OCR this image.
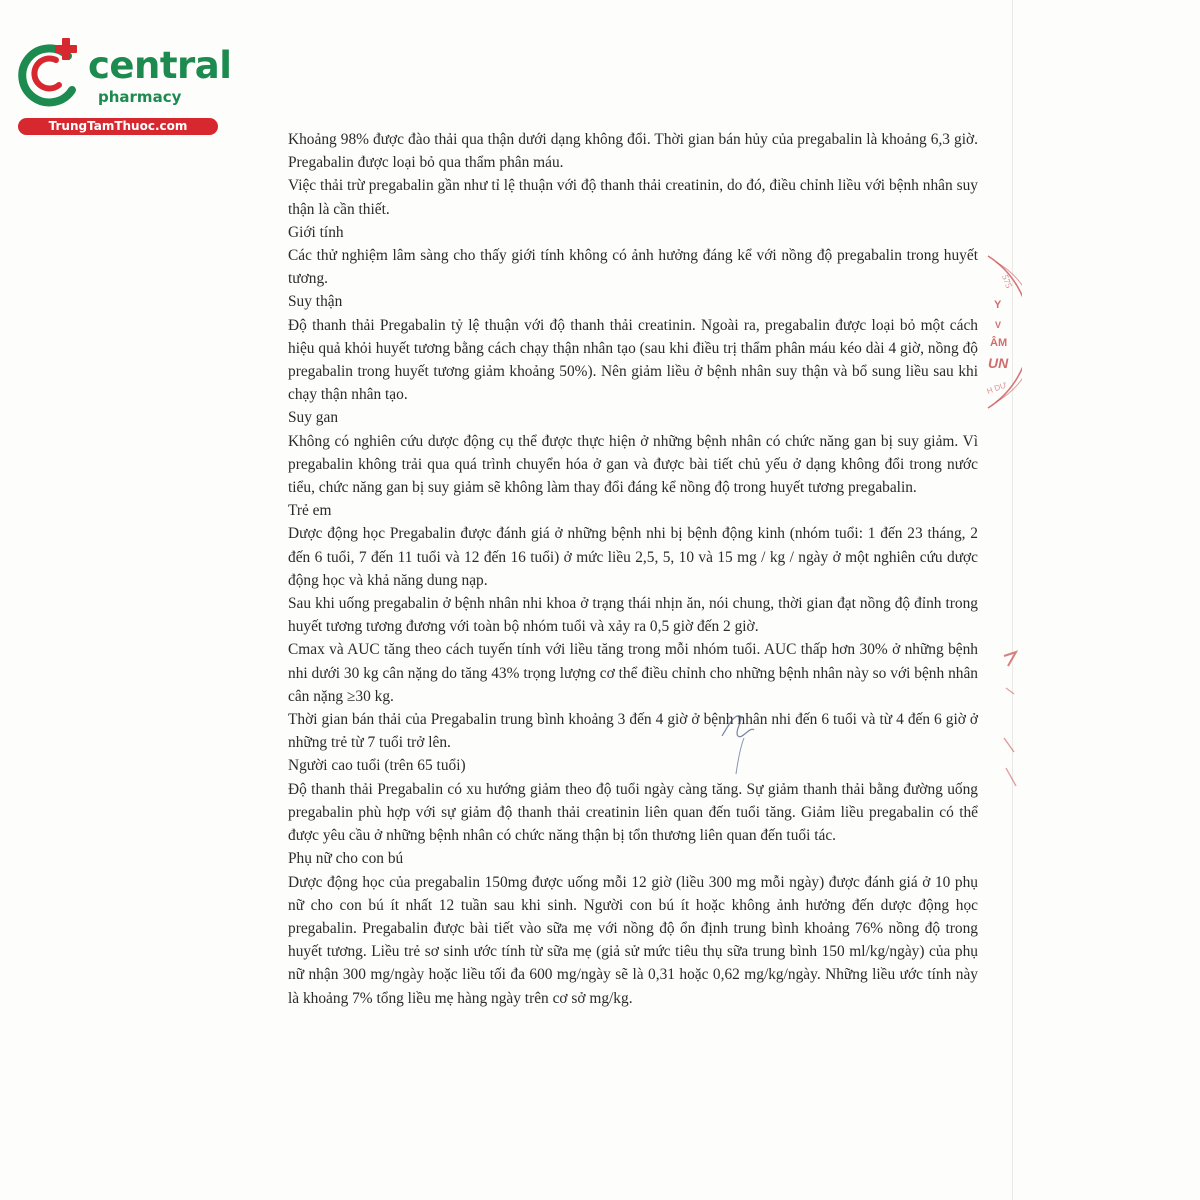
central
pharmacy
TrungTamThuoc.com

Khoảng 98% được đào thải qua thận dưới dạng không đổi. Thời gian bán hủy của pregabalin là khoảng 6,3 giờ. Pregabalin được loại bỏ qua thẩm phân máu.

Việc thải trừ pregabalin gần như tỉ lệ thuận với độ thanh thải creatinin, do đó, điều chỉnh liều với bệnh nhân suy thận là cần thiết.

Giới tính

Các thử nghiệm lâm sàng cho thấy giới tính không có ảnh hưởng đáng kể với nồng độ pregabalin trong huyết tương.

Suy thận

Độ thanh thải Pregabalin tỷ lệ thuận với độ thanh thải creatinin. Ngoài ra, pregabalin được loại bỏ một cách hiệu quả khỏi huyết tương bằng cách chạy thận nhân tạo (sau khi điều trị thẩm phân máu kéo dài 4 giờ, nồng độ pregabalin trong huyết tương giảm khoảng 50%). Nên giảm liều ở bệnh nhân suy thận và bổ sung liều sau khi chạy thận nhân tạo.

Suy gan

Không có nghiên cứu dược động cụ thể được thực hiện ở những bệnh nhân có chức năng gan bị suy giảm. Vì pregabalin không trải qua quá trình chuyển hóa ở gan và được bài tiết chủ yếu ở dạng không đổi trong nước tiểu, chức năng gan bị suy giảm sẽ không làm thay đổi đáng kể nồng độ trong huyết tương pregabalin.

Trẻ em

Dược động học Pregabalin được đánh giá ở những bệnh nhi bị bệnh động kinh (nhóm tuổi: 1 đến 23 tháng, 2 đến 6 tuổi, 7 đến 11 tuổi và 12 đến 16 tuổi) ở mức liều 2,5, 5, 10 và 15 mg / kg / ngày ở một nghiên cứu dược động học và khả năng dung nạp.

Sau khi uống pregabalin ở bệnh nhân nhi khoa ở trạng thái nhịn ăn, nói chung, thời gian đạt nồng độ đỉnh trong huyết tương tương đương với toàn bộ nhóm tuổi và xảy ra 0,5 giờ đến 2 giờ.

Cmax và AUC tăng theo cách tuyến tính với liều tăng trong mỗi nhóm tuổi. AUC thấp hơn 30% ở những bệnh nhi dưới 30 kg cân nặng do tăng 43% trọng lượng cơ thể điều chỉnh cho những bệnh nhân này so với bệnh nhân cân nặng ≥30 kg.

Thời gian bán thải của Pregabalin trung bình khoảng 3 đến 4 giờ ở bệnh nhân nhi đến 6 tuổi và từ 4 đến 6 giờ ở những trẻ từ 7 tuổi trở lên.

Người cao tuổi (trên 65 tuổi)

Độ thanh thải Pregabalin có xu hướng giảm theo độ tuổi ngày càng tăng. Sự giảm thanh thải bằng đường uống pregabalin phù hợp với sự giảm độ thanh thải creatinin liên quan đến tuổi tăng. Giảm liều pregabalin có thể được yêu cầu ở những bệnh nhân có chức năng thận bị tổn thương liên quan đến tuổi tác.

Phụ nữ cho con bú

Dược động học của pregabalin 150mg được uống mỗi 12 giờ (liều 300 mg mỗi ngày) được đánh giá ở 10 phụ nữ cho con bú ít nhất 12 tuần sau khi sinh. Người con bú ít hoặc không ảnh hưởng đến dược động học pregabalin. Pregabalin được bài tiết vào sữa mẹ với nồng độ ổn định trung bình khoảng 76% nồng độ trong huyết tương. Liều trẻ sơ sinh ước tính từ sữa mẹ (giả sử mức tiêu thụ sữa trung bình 150 ml/kg/ngày) của phụ nữ nhận 300 mg/ngày hoặc liều tối đa 600 mg/ngày sẽ là 0,31 hoặc 0,62 mg/kg/ngày. Những liều ước tính này là khoảng 7% tổng liều mẹ hàng ngày trên cơ sở mg/kg.

575
Y
V
ÂM
UN
H DƯ
